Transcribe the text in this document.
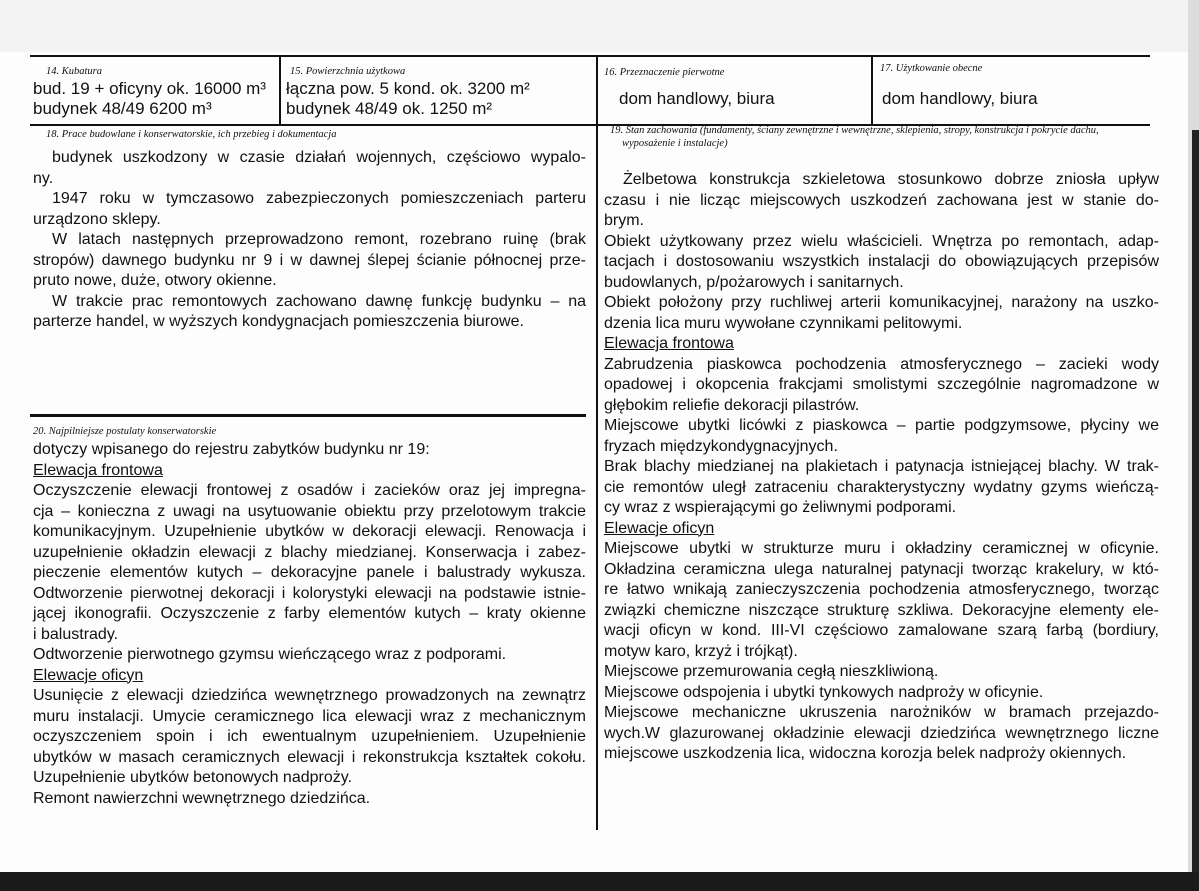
14. Kubatura
bud. 19 + oficyny ok. 16000 m³
budynek 48/49 6200 m³
15. Powierzchnia użytkowa
łączna pow. 5 kond. ok. 3200 m²
budynek 48/49 ok. 1250 m²
16. Przeznaczenie pierwotne
dom handlowy, biura
17. Użytkowanie obecne
dom handlowy, biura
18. Prace budowlane i konserwatorskie, ich przebieg i dokumentacja
budynek uszkodzony w czasie działań wojennych, częściowo wypalo-
ny.
1947 roku w tymczasowo zabezpieczonych pomieszczeniach parteru
urządzono sklepy.
W latach następnych przeprowadzono remont, rozebrano ruinę (brak
stropów) dawnego budynku nr 9 i w dawnej ślepej ścianie północnej prze-
pruto nowe, duże, otwory okienne.
W trakcie prac remontowych zachowano dawnę funkcję budynku – na
parterze handel, w wyższych kondygnacjach pomieszczenia biurowe.
19. Stan zachowania (fundamenty, ściany zewnętrzne i wewnętrzne, sklepienia, stropy, konstrukcja i pokrycie dachu,
wyposażenie i instalacje)
Żelbetowa konstrukcja szkieletowa stosunkowo dobrze zniosła upływ
czasu i nie licząc miejscowych uszkodzeń zachowana jest w stanie do-
brym.
Obiekt użytkowany przez wielu właścicieli. Wnętrza po remontach, adap-
tacjach i dostosowaniu wszystkich instalacji do obowiązujących przepisów
budowlanych, p/pożarowych i sanitarnych.
Obiekt położony przy ruchliwej arterii komunikacyjnej, narażony na uszko-
dzenia lica muru wywołane czynnikami pelitowymi.
Elewacja frontowa
Zabrudzenia piaskowca pochodzenia atmosferycznego – zacieki wody
opadowej i okopcenia frakcjami smolistymi szczególnie nagromadzone w
głębokim reliefie dekoracji pilastrów.
Miejscowe ubytki licówki z piaskowca – partie podgzymsowe, płyciny we
fryzach międzykondygnacyjnych.
Brak blachy miedzianej na plakietach i patynacja istniejącej blachy. W trak-
cie remontów uległ zatraceniu charakterystyczny wydatny gzyms wieńczą-
cy wraz z wspierającymi go żeliwnymi podporami.
Elewacje oficyn
Miejscowe ubytki w strukturze muru i okładziny ceramicznej w oficynie.
Okładzina ceramiczna ulega naturalnej patynacji tworząc krakelury, w któ-
re łatwo wnikają zanieczyszczenia pochodzenia atmosferycznego, tworząc
związki chemiczne niszczące strukturę szkliwa. Dekoracyjne elementy ele-
wacji oficyn w kond. III-VI częściowo zamalowane szarą farbą (bordiury,
motyw karo, krzyż i trójkąt).
Miejscowe przemurowania cegłą nieszkliwioną.
Miejscowe odspojenia i ubytki tynkowych nadproży w oficynie.
Miejscowe mechaniczne ukruszenia narożników w bramach przejazdo-
wych.W glazurowanej okładzinie elewacji dziedzińca wewnętrznego liczne
miejscowe uszkodzenia lica, widoczna korozja belek nadproży okiennych.
20. Najpilniejsze postulaty konserwatorskie
dotyczy wpisanego do rejestru zabytków budynku nr 19:
Elewacja frontowa
Oczyszczenie elewacji frontowej z osadów i zacieków oraz jej impregna-
cja – konieczna z uwagi na usytuowanie obiektu przy przelotowym trakcie
komunikacyjnym. Uzupełnienie ubytków w dekoracji elewacji. Renowacja i
uzupełnienie okładzin elewacji z blachy miedzianej. Konserwacja i zabez-
pieczenie elementów kutych – dekoracyjne panele i balustrady wykusza.
Odtworzenie pierwotnej dekoracji i kolorystyki elewacji na podstawie istnie-
jącej ikonografii. Oczyszczenie z farby elementów kutych – kraty okienne
i balustrady.
Odtworzenie pierwotnego gzymsu wieńczącego wraz z podporami.
Elewacje oficyn
Usunięcie z elewacji dziedzińca wewnętrznego prowadzonych na zewnątrz
muru instalacji. Umycie ceramicznego lica elewacji wraz z mechanicznym
oczyszczeniem spoin i ich ewentualnym uzupełnieniem. Uzupełnienie
ubytków w masach ceramicznych elewacji i rekonstrukcja kształtek cokołu.
Uzupełnienie ubytków betonowych nadproży.
Remont nawierzchni wewnętrznego dziedzińca.
